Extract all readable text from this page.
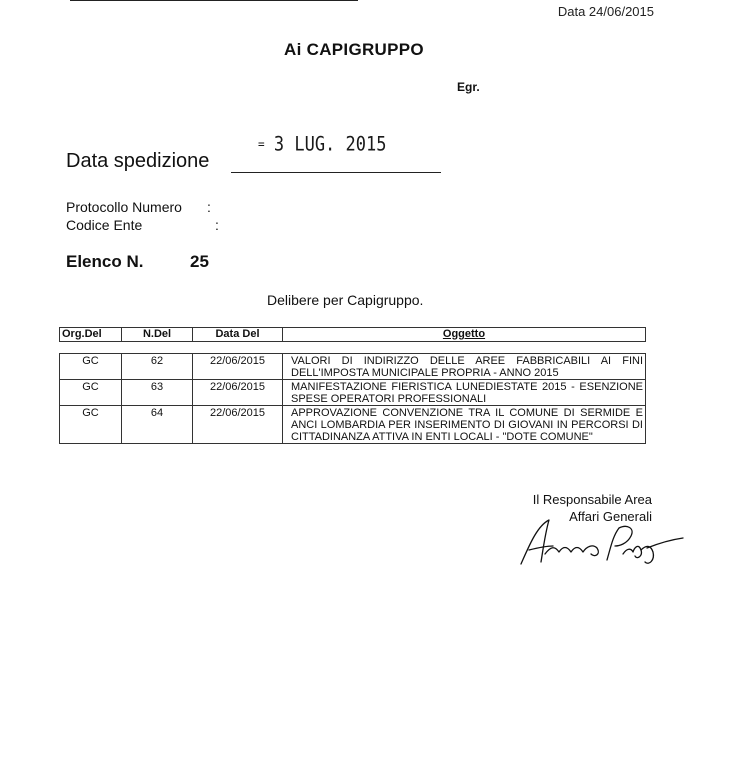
Data 24/06/2015
Ai CAPIGRUPPO
Egr.
= 3 LUG. 2015
Data spedizione
Protocollo Numero :
Codice Ente	:
Elenco N.	25
Delibere per Capigruppo.
Org.Del	N.Del	Data Del	Oggetto
GC	62	22/06/2015	VALORI DI INDIRIZZO DELLE AREE FABBRICABILI AI FINI DELL'IMPOSTA MUNICIPALE PROPRIA - ANNO 2015
GC	63	22/06/2015	MANIFESTAZIONE FIERISTICA LUNEDIESTATE 2015 - ESENZIONE SPESE OPERATORI PROFESSIONALI
GC	64	22/06/2015	APPROVAZIONE CONVENZIONE TRA IL COMUNE DI SERMIDE E ANCI LOMBARDIA PER INSERIMENTO DI GIOVANI IN PERCORSI DI CITTADINANZA ATTIVA IN ENTI LOCALI - "DOTE COMUNE"
Il Responsabile Area
Affari Generali
